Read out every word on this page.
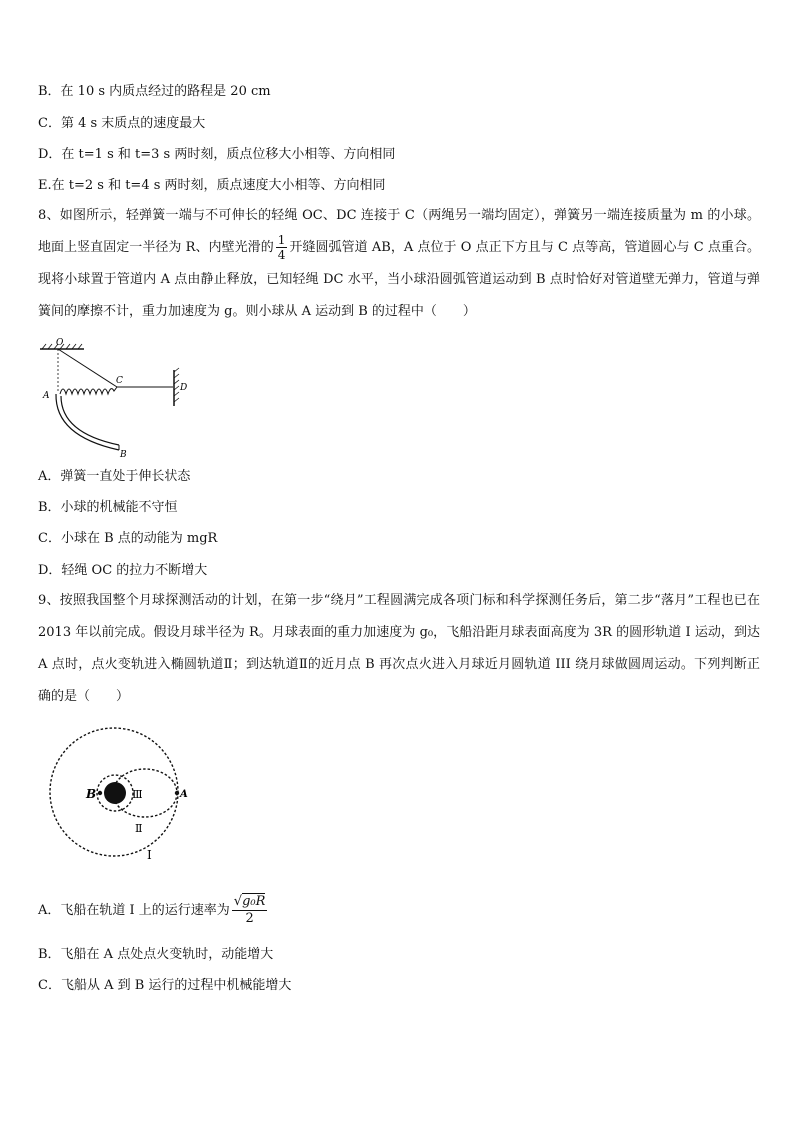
B．在 10 s 内质点经过的路程是 20 cm
C．第 4 s 末质点的速度最大
D．在 t=1 s 和 t=3 s 两时刻，质点位移大小相等、方向相同
E.在 t=2 s 和 t=4 s 两时刻，质点速度大小相等、方向相同
8、如图所示，轻弹簧一端与不可伸长的轻绳 OC、DC 连接于 C（两绳另一端均固定），弹簧另一端连接质量为 m 的小球。地面上竖直固定一半径为 R、内壁光滑的 $\frac{1}{4}$ 开缝圆弧管道 AB，A 点位于 O 点正下方且与 C 点等高，管道圆心与 C 点重合。现将小球置于管道内 A 点由静止释放，已知轻绳 DC 水平，当小球沿圆弧管道运动到 B 点时恰好对管道壁无弹力，管道与弹簧间的摩擦不计，重力加速度为 g。则小球从 A 运动到 B 的过程中（　　）
O
A
C
D
B
A．弹簧一直处于伸长状态
B．小球的机械能不守恒
C．小球在 B 点的动能为 mgR
D．轻绳 OC 的拉力不断增大
9、按照我国整个月球探测活动的计划，在第一步“绕月”工程圆满完成各项门标和科学探测任务后，第二步“落月”工程也已在 2013 年以前完成。假设月球半径为 R。月球表面的重力加速度为 g₀，飞船沿距月球表面高度为 3R 的圆形轨道 I 运动，到达 A 点时，点火变轨进入椭圆轨道Ⅱ；到达轨道Ⅱ的近月点 B 再次点火进入月球近月圆轨道 III 绕月球做圆周运动。下列判断正确的是（　　）
B	A
Ⅲ
Ⅱ
I
A．飞船在轨道 I 上的运行速率为 $\frac{\text{√g₀R}}{2}$
B．飞船在 A 点处点火变轨时，动能增大
C．飞船从 A 到 B 运行的过程中机械能增大
